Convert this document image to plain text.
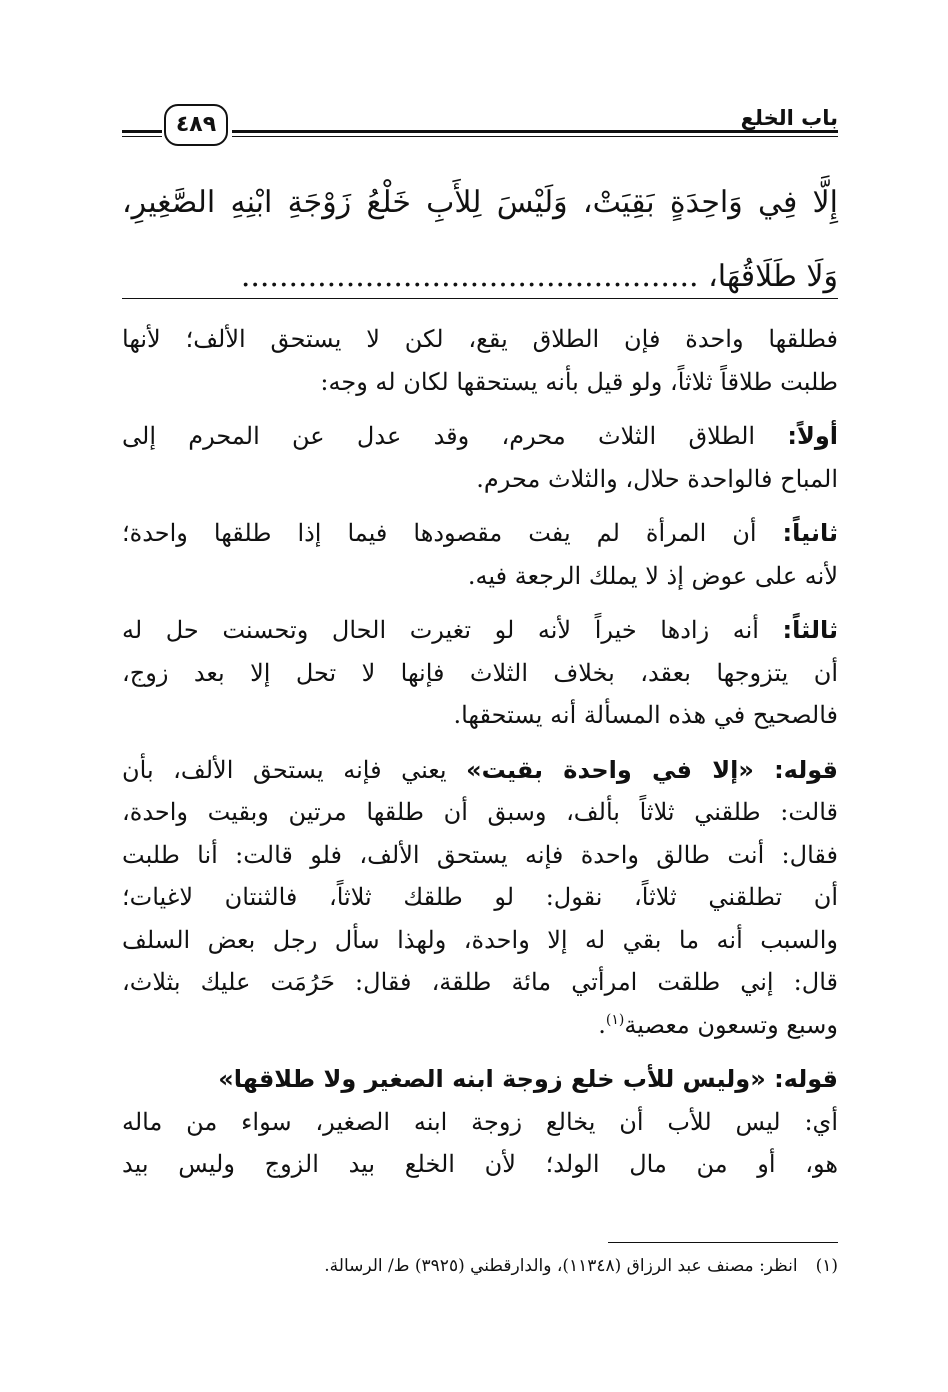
باب الخلع
٤٨٩
إِلَّا فِي وَاحِدَةٍ بَقِيَتْ، وَلَيْسَ لِلأَبِ خَلْعُ زَوْجَةِ ابْنِهِ الصَّغِيرِ،
وَلَا طَلَاقُهَا، ................................................
فطلقها واحدة فإن الطلاق يقع، لكن لا يستحق الألف؛ لأنها
طلبت طلاقاً ثلاثاً، ولو قيل بأنه يستحقها لكان له وجه:
أولاً: الطلاق الثلاث محرم، وقد عدل عن المحرم إلى
المباح فالواحدة حلال، والثلاث محرم.
ثانياً: أن المرأة لم يفت مقصودها فيما إذا طلقها واحدة؛
لأنه على عوض إذ لا يملك الرجعة فيه.
ثالثاً: أنه زادها خيراً لأنه لو تغيرت الحال وتحسنت حل له
أن يتزوجها بعقد، بخلاف الثلاث فإنها لا تحل إلا بعد زوج،
فالصحيح في هذه المسألة أنه يستحقها.
قوله: «إلا في واحدة بقيت» يعني فإنه يستحق الألف، بأن
قالت: طلقني ثلاثاً بألف، وسبق أن طلقها مرتين وبقيت واحدة،
فقال: أنت طالق واحدة فإنه يستحق الألف، فلو قالت: أنا طلبت
أن تطلقني ثلاثاً، نقول: لو طلقك ثلاثاً، فالثنتان لاغيات؛
والسبب أنه ما بقي له إلا واحدة، ولهذا سأل رجل بعض السلف
قال: إني طلقت امرأتي مائة طلقة، فقال: حَرُمَت عليك بثلاث،
وسبع وتسعون معصية$^{(١)}$.
قوله: «وليس للأب خلع زوجة ابنه الصغير ولا طلاقها»
أي: ليس للأب أن يخالع زوجة ابنه الصغير، سواء من ماله
هو، أو من مال الولد؛ لأن الخلع بيد الزوج وليس بيد
(١)انظر: مصنف عبد الرزاق (١١٣٤٨)، والدارقطني (٣٩٢٥) ط/ الرسالة.
